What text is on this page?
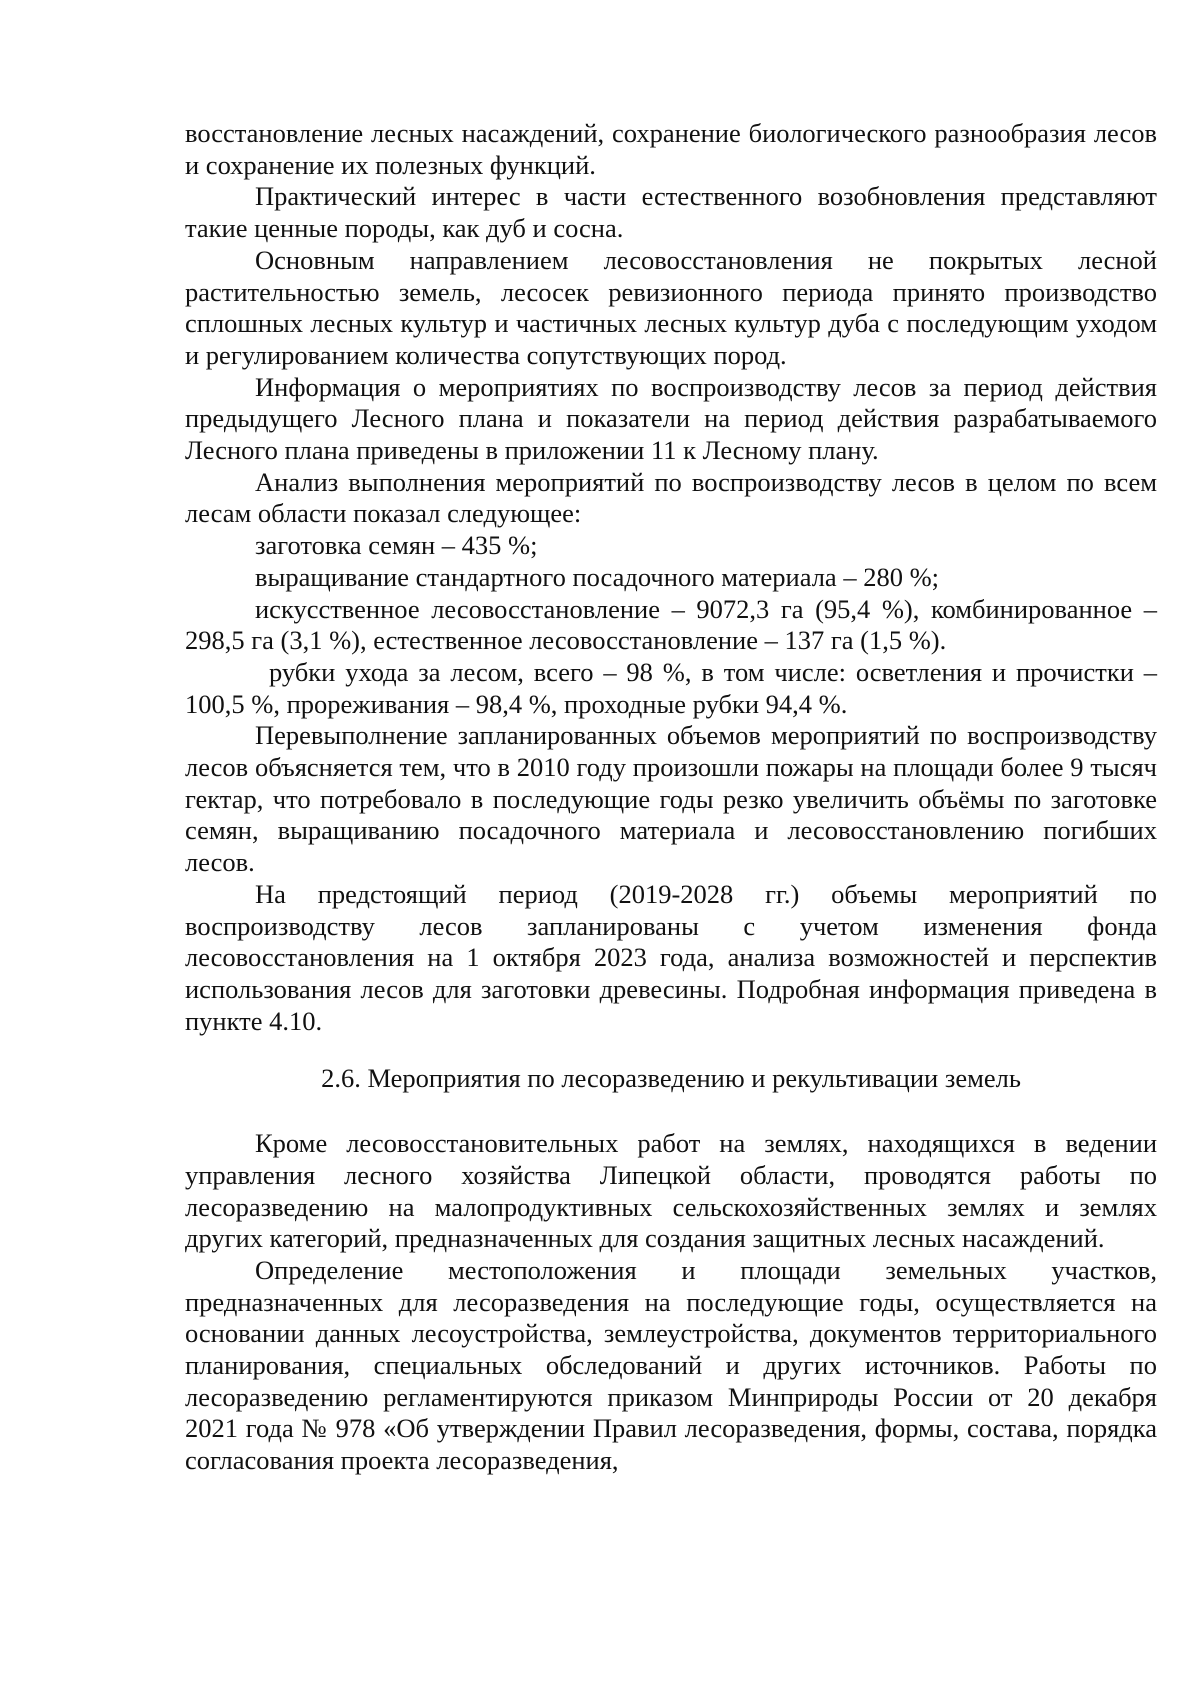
восстановление лесных насаждений, сохранение биологического разнообразия лесов и сохранение их полезных функций.

Практический интерес в части естественного возобновления представляют такие ценные породы, как дуб и сосна.

Основным направлением лесовосстановления не покрытых лесной растительностью земель, лесосек ревизионного периода принято производство сплошных лесных культур и частичных лесных культур дуба с последующим уходом и регулированием количества сопутствующих пород.

Информация о мероприятиях по воспроизводству лесов за период действия предыдущего Лесного плана и показатели на период действия разрабатываемого Лесного плана приведены в приложении 11 к Лесному плану.

Анализ выполнения мероприятий по воспроизводству лесов в целом по всем лесам области показал следующее:

заготовка семян – 435 %;

выращивание стандартного посадочного материала – 280 %;

искусственное лесовосстановление – 9072,3 га (95,4 %), комбинированное – 298,5 га (3,1 %), естественное лесовосстановление – 137 га (1,5 %).

рубки ухода за лесом, всего – 98 %, в том числе: осветления и прочистки – 100,5 %, прореживания – 98,4 %, проходные рубки 94,4 %.

Перевыполнение запланированных объемов мероприятий по воспроизводству лесов объясняется тем, что в 2010 году произошли пожары на площади более 9 тысяч гектар, что потребовало в последующие годы резко увеличить объёмы по заготовке семян, выращиванию посадочного материала и лесовосстановлению погибших лесов.

На предстоящий период (2019-2028 гг.) объемы мероприятий по воспроизводству лесов запланированы с учетом изменения фонда лесовосстановления на 1 октября 2023 года, анализа возможностей и перспектив использования лесов для заготовки древесины. Подробная информация приведена в пункте 4.10.

2.6. Мероприятия по лесоразведению и рекультивации земель

Кроме лесовосстановительных работ на землях, находящихся в ведении управления лесного хозяйства Липецкой области, проводятся работы по лесоразведению на малопродуктивных сельскохозяйственных землях и землях других категорий, предназначенных для создания защитных лесных насаждений.

Определение местоположения и площади земельных участков, предназначенных для лесоразведения на последующие годы, осуществляется на основании данных лесоустройства, землеустройства, документов территориального планирования, специальных обследований и других источников. Работы по лесоразведению регламентируются приказом Минприроды России от 20 декабря 2021 года № 978 «Об утверждении Правил лесоразведения, формы, состава, порядка согласования проекта лесоразведения,
